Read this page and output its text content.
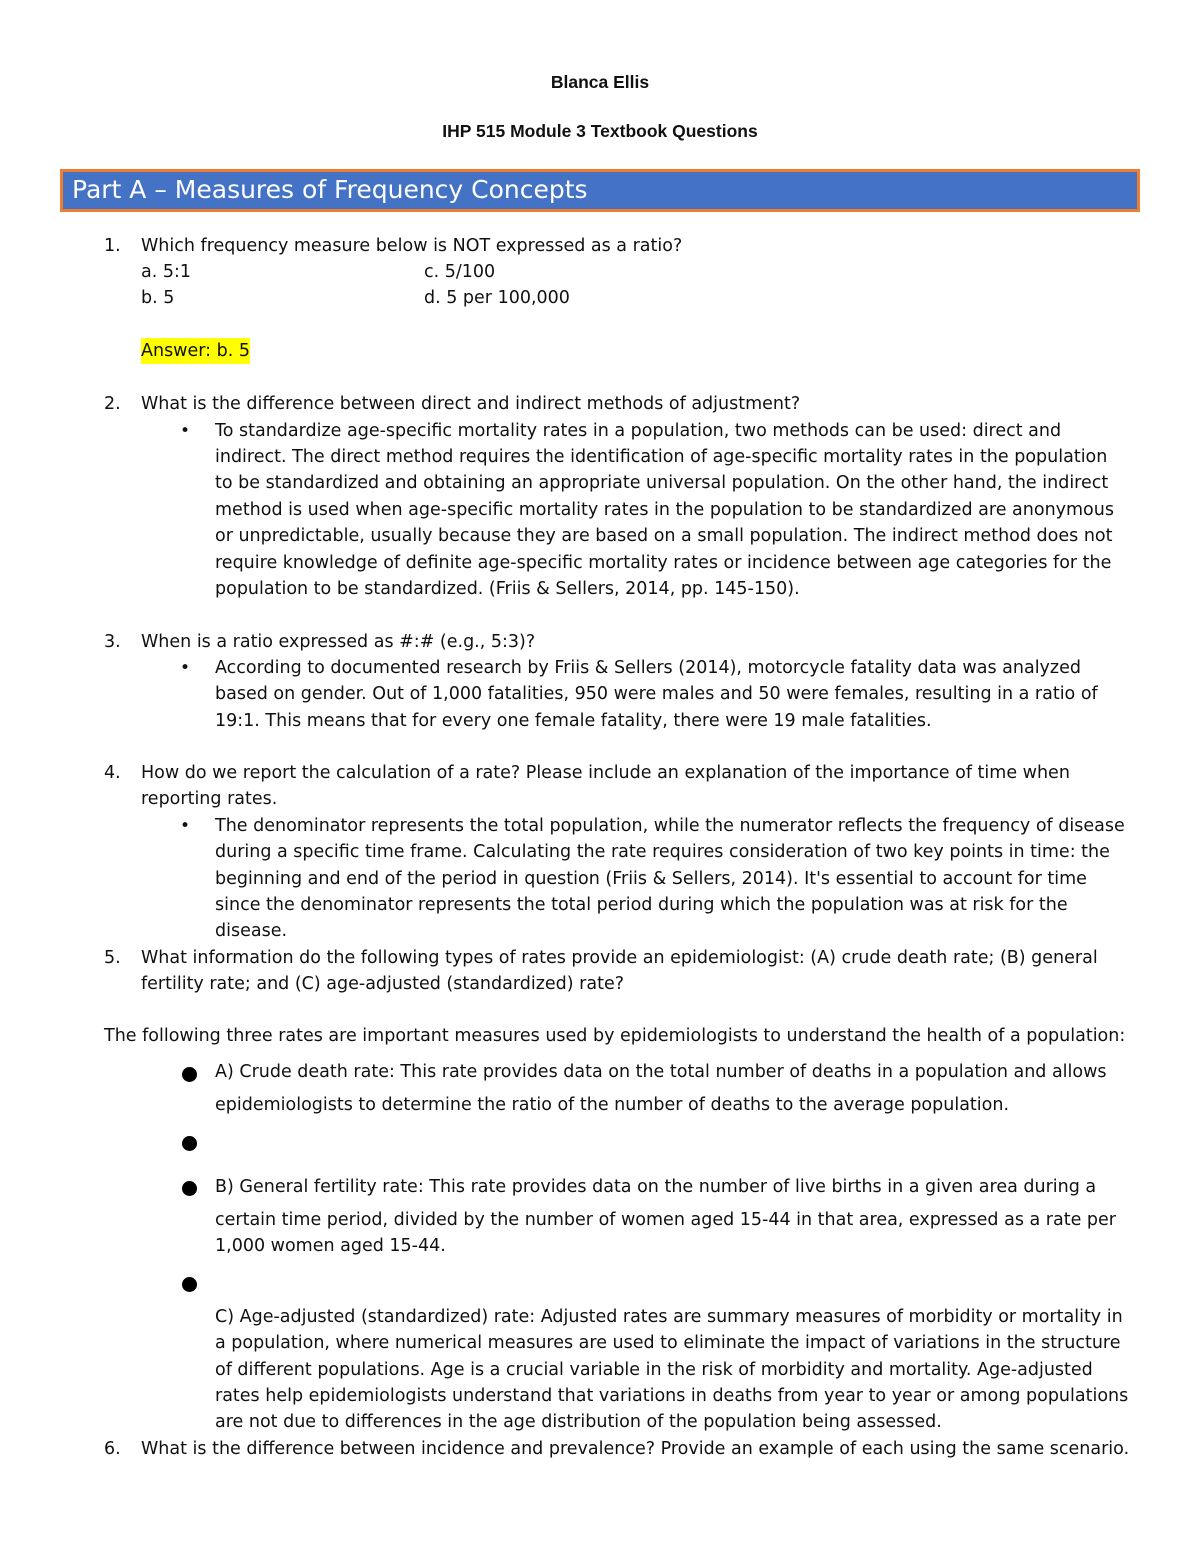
Blanca Ellis
IHP 515 Module 3 Textbook Questions
Part A – Measures of Frequency Concepts
1. Which frequency measure below is NOT expressed as a ratio?
a. 5:1	c. 5/100
b. 5	d. 5 per 100,000
Answer: b. 5
2. What is the difference between direct and indirect methods of adjustment?
• To standardize age-specific mortality rates in a population, two methods can be used: direct and
indirect. The direct method requires the identification of age-specific mortality rates in the population
to be standardized and obtaining an appropriate universal population. On the other hand, the indirect
method is used when age-specific mortality rates in the population to be standardized are anonymous
or unpredictable, usually because they are based on a small population. The indirect method does not
require knowledge of definite age-specific mortality rates or incidence between age categories for the
population to be standardized. (Friis & Sellers, 2014, pp. 145-150).
3. When is a ratio expressed as #:# (e.g., 5:3)?
• According to documented research by Friis & Sellers (2014), motorcycle fatality data was analyzed
based on gender. Out of 1,000 fatalities, 950 were males and 50 were females, resulting in a ratio of
19:1. This means that for every one female fatality, there were 19 male fatalities.
4. How do we report the calculation of a rate? Please include an explanation of the importance of time when
reporting rates.
• The denominator represents the total population, while the numerator reflects the frequency of disease
during a specific time frame. Calculating the rate requires consideration of two key points in time: the
beginning and end of the period in question (Friis & Sellers, 2014). It's essential to account for time
since the denominator represents the total period during which the population was at risk for the
disease.
5. What information do the following types of rates provide an epidemiologist: (A) crude death rate; (B) general
fertility rate; and (C) age-adjusted (standardized) rate?
The following three rates are important measures used by epidemiologists to understand the health of a population:
A) Crude death rate: This rate provides data on the total number of deaths in a population and allows
epidemiologists to determine the ratio of the number of deaths to the average population.
B) General fertility rate: This rate provides data on the number of live births in a given area during a
certain time period, divided by the number of women aged 15-44 in that area, expressed as a rate per
1,000 women aged 15-44.
C) Age-adjusted (standardized) rate: Adjusted rates are summary measures of morbidity or mortality in
a population, where numerical measures are used to eliminate the impact of variations in the structure
of different populations. Age is a crucial variable in the risk of morbidity and mortality. Age-adjusted
rates help epidemiologists understand that variations in deaths from year to year or among populations
are not due to differences in the age distribution of the population being assessed.
6. What is the difference between incidence and prevalence? Provide an example of each using the same scenario.
